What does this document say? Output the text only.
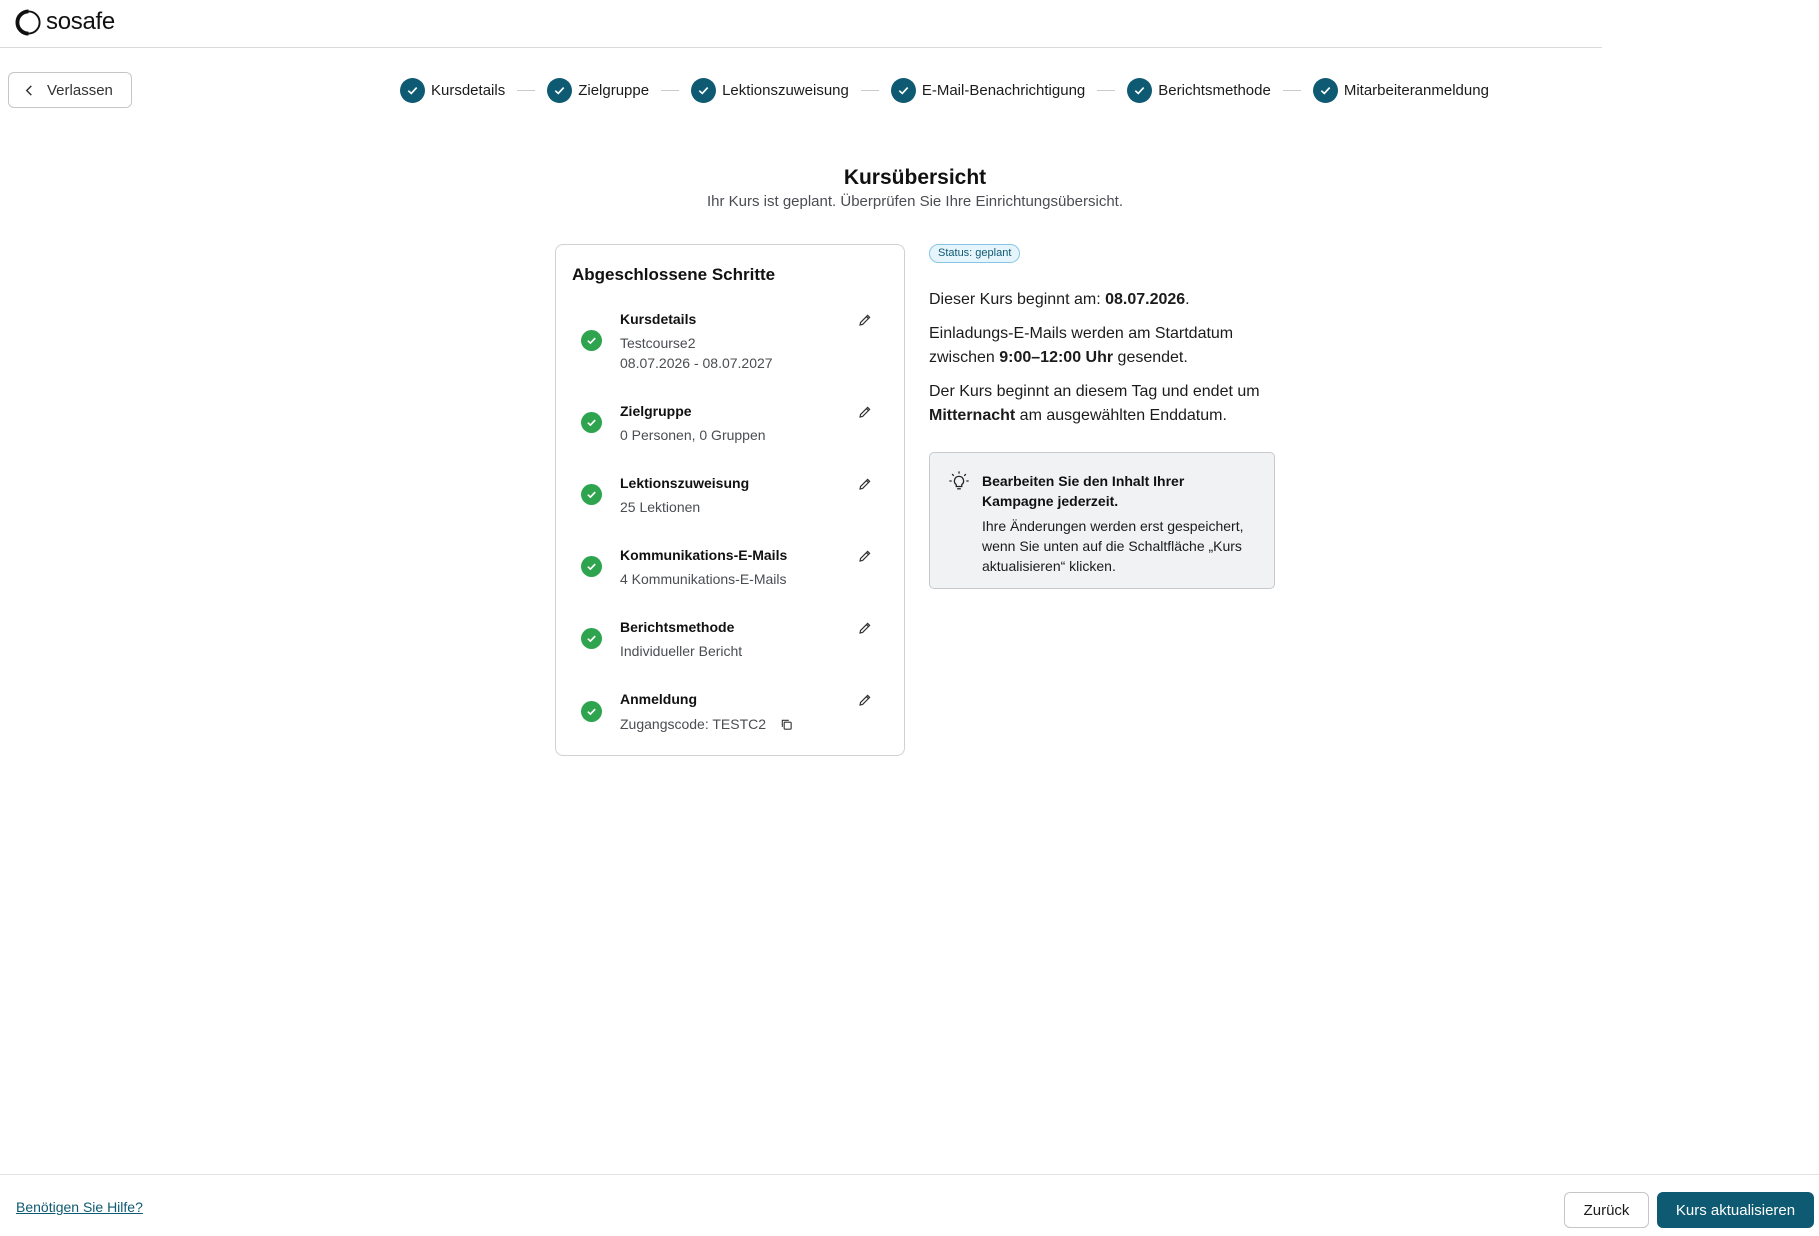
sosafe
Verlassen	Kursdetails	Zielgruppe	Lektionszuweisung	E-Mail-Benachrichtigung	Berichtsmethode	Mitarbeiteranmeldung
Kursübersicht

Ihr Kurs ist geplant. Überprüfen Sie Ihre Einrichtungsübersicht.

Abgeschlossene Schritte
Kursdetails
Testcourse2
08.07.2026 - 08.07.2027
Zielgruppe
0 Personen, 0 Gruppen
Lektionszuweisung
25 Lektionen
Kommunikations-E-Mails
4 Kommunikations-E-Mails
Berichtsmethode
Individueller Bericht
Anmeldung
Zugangscode: TESTC2
Status: geplant

Dieser Kurs beginnt am: 08.07.2026.

Einladungs-E-Mails werden am Startdatum zwischen 9:00–12:00 Uhr gesendet.

Der Kurs beginnt an diesem Tag und endet um Mitternacht am ausgewählten Enddatum.

Bearbeiten Sie den Inhalt Ihrer Kampagne jederzeit.
Ihre Änderungen werden erst gespeichert, wenn Sie unten auf die Schaltfläche „Kurs aktualisieren“ klicken.
Benötigen Sie Hilfe?	Zurück	Kurs aktualisieren
